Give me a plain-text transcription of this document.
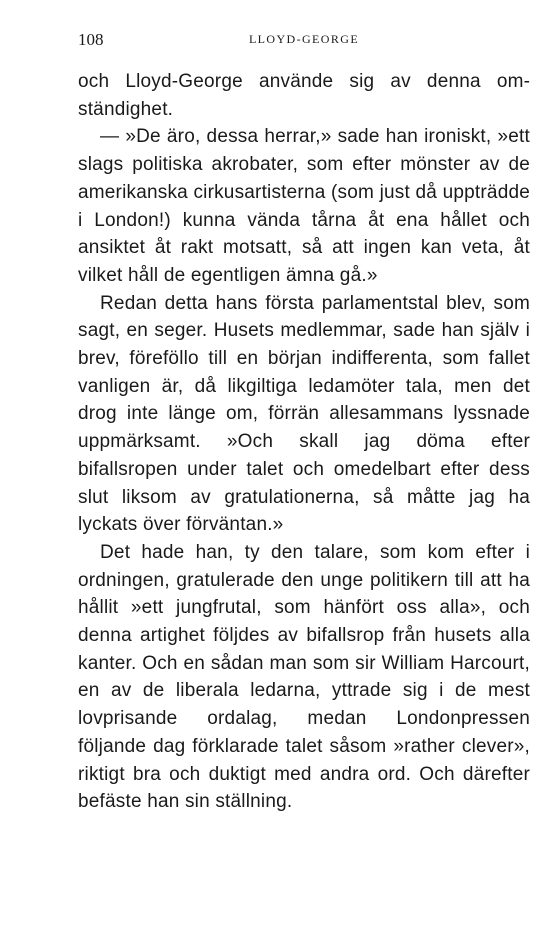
108	LLOYD-GEORGE

och Lloyd-George använde sig av denna omständighet.

— »De äro, dessa herrar,» sade han ironiskt, »ett slags politiska akrobater, som efter mönster av de amerikanska cirkusartisterna (som just då uppträdde i London!) kunna vända tårna åt ena hållet och ansiktet åt rakt motsatt, så att ingen kan veta, åt vilket håll de egentligen ämna gå.»

Redan detta hans första parlamentstal blev, som sagt, en seger. Husets medlemmar, sade han själv i brev, föreföllo till en början indifferenta, som fallet vanligen är, då likgiltiga ledamöter tala, men det drog inte länge om, förrän allesammans lyssnade uppmärksamt. »Och skall jag döma efter bifallsropen under talet och omedelbart efter dess slut liksom av gratulationerna, så måtte jag ha lyckats över förväntan.»

Det hade han, ty den talare, som kom efter i ordningen, gratulerade den unge politikern till att ha hållit »ett jungfrutal, som hänfört oss alla», och denna artighet följdes av bifallsrop från husets alla kanter. Och en sådan man som sir William Harcourt, en av de liberala ledarna, yttrade sig i de mest lovprisande ordalag, medan Londonpressen följande dag förklarade talet såsom »rather clever», riktigt bra och duktigt med andra ord. Och därefter befäste han sin ställning.
